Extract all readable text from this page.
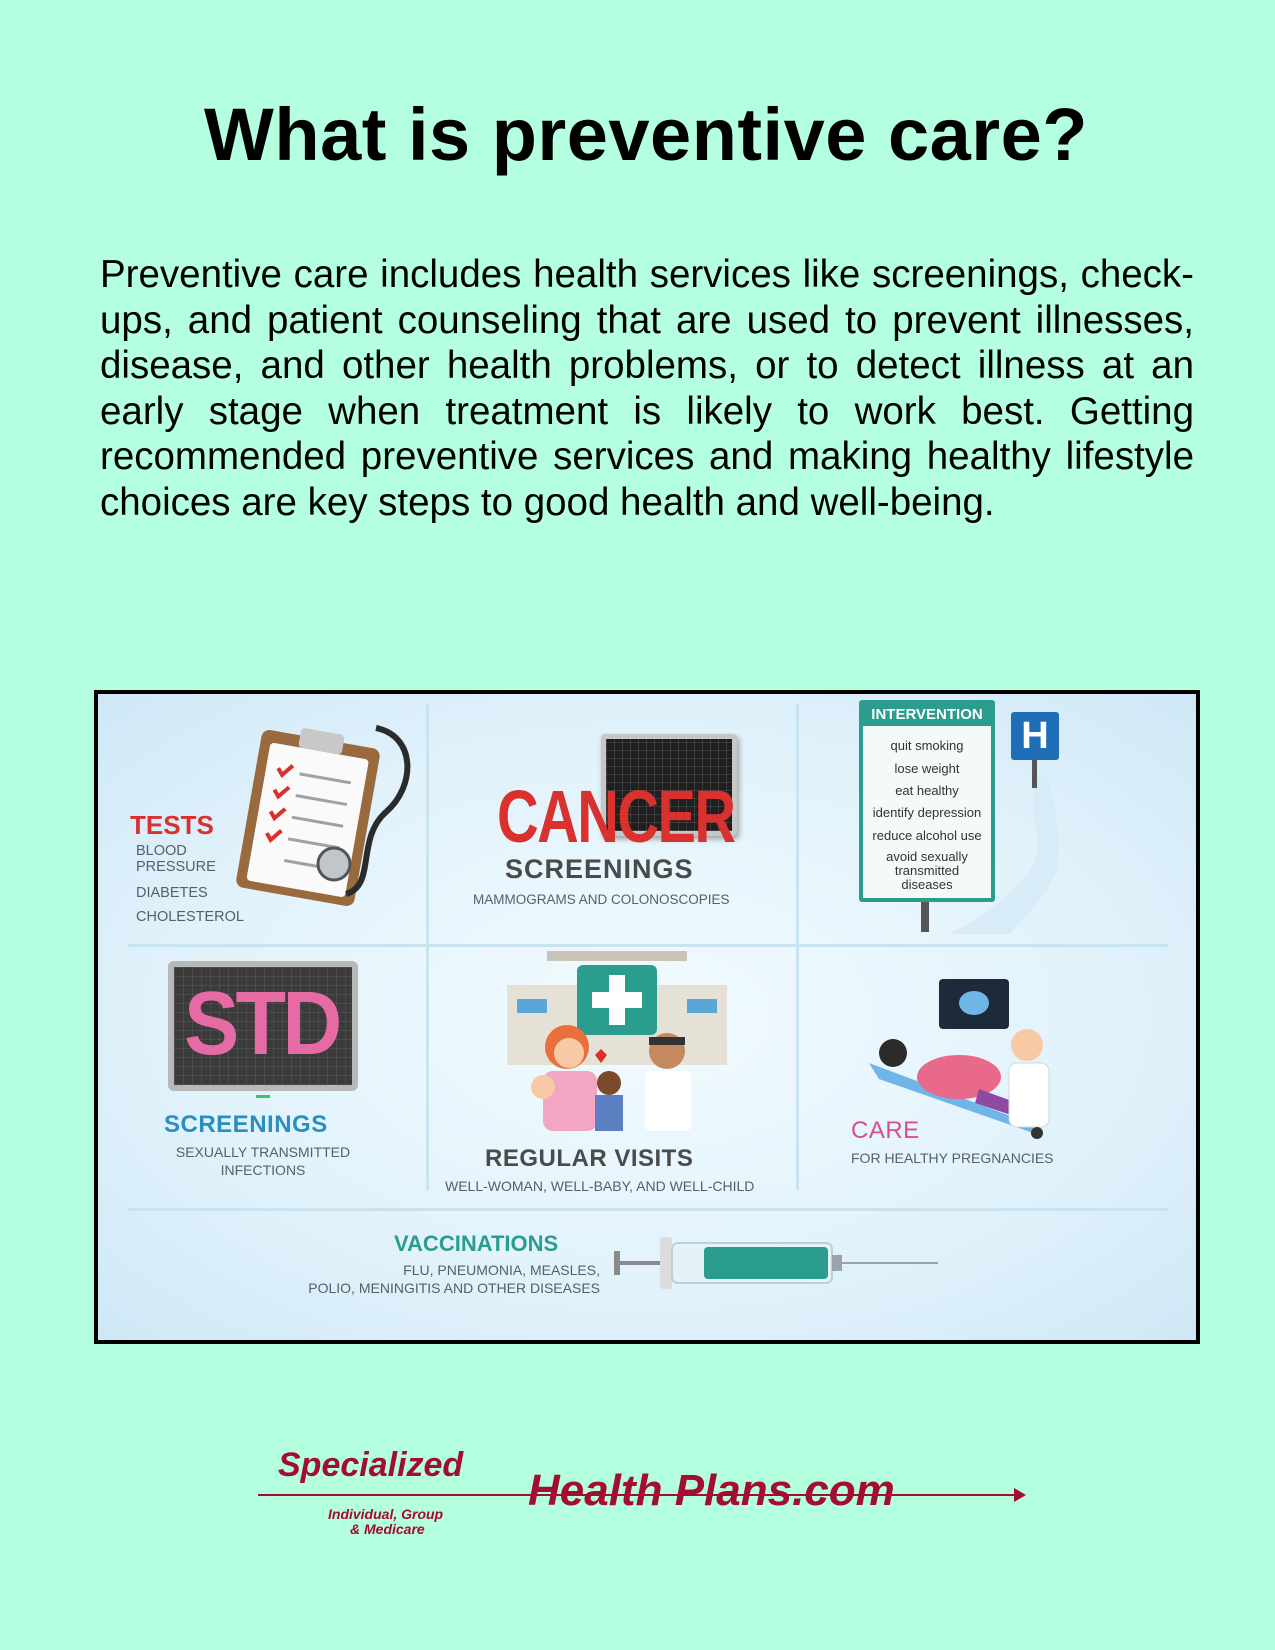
What is preventive care?

Preventive care includes health services like screenings, check-ups, and patient counseling that are used to prevent illnesses, disease, and other health problems, or to detect illness at an early stage when treatment is likely to work best. Getting recommended preventive services and making healthy lifestyle choices are key steps to good health and well-being.

TESTS
BLOOD
PRESSURE
DIABETES
CHOLESTEROL
CANCER
SCREENINGS
MAMMOGRAMS AND COLONOSCOPIES
INTERVENTION
quit smoking
lose weight
eat healthy
identify depression
reduce alcohol use
avoid sexually
transmitted
diseases
H
STD
SCREENINGS
SEXUALLY TRANSMITTED
INFECTIONS	REGULAR VISITS
WELL-WOMAN, WELL-BABY, AND WELL-CHILD
CARE
FOR HEALTHY PREGNANCIES
VACCINATIONS
FLU, PNEUMONIA, MEASLES,
POLIO, MENINGITIS AND OTHER DISEASES
Specialized
Health Plans.com
Individual, Group
& Medicare
